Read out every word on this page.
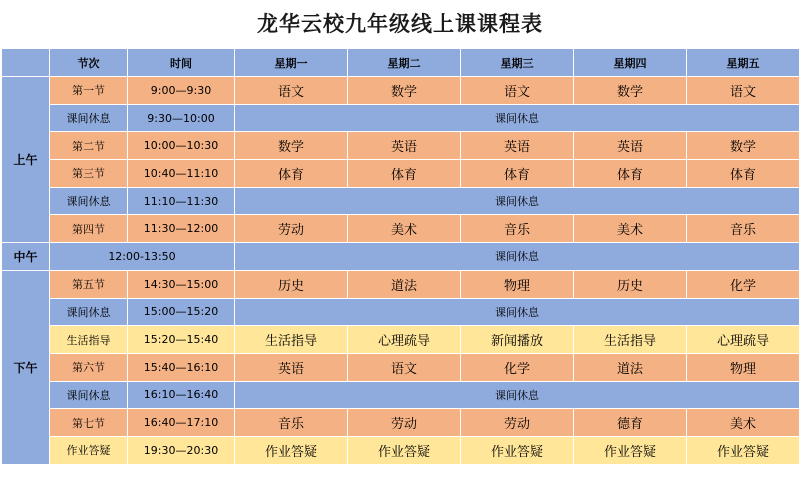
龙华云校九年级线上课课程表
	节次	时间	星期一	星期二	星期三	星期四	星期五
上午	第一节	9:00—9:30	语文	数学	语文	数学	语文
	课间休息	9:30—10:00	课间休息				
	第二节	10:00—10:30	数学	英语	英语	英语	数学
	第三节	10:40—11:10	体育	体育	体育	体育	体育
	课间休息	11:10—11:30	课间休息				
	第四节	11:30—12:00	劳动	美术	音乐	美术	音乐
中午	12:00-13:50		课间休息				
下午	第五节	14:30—15:00	历史	道法	物理	历史	化学
	课间休息	15:00—15:20	课间休息				
	生活指导	15:20—15:40	生活指导	心理疏导	新闻播放	生活指导	心理疏导
	第六节	15:40—16:10	英语	语文	化学	道法	物理
	课间休息	16:10—16:40	课间休息				
	第七节	16:40—17:10	音乐	劳动	劳动	德育	美术
	作业答疑	19:30—20:30	作业答疑	作业答疑	作业答疑	作业答疑	作业答疑
